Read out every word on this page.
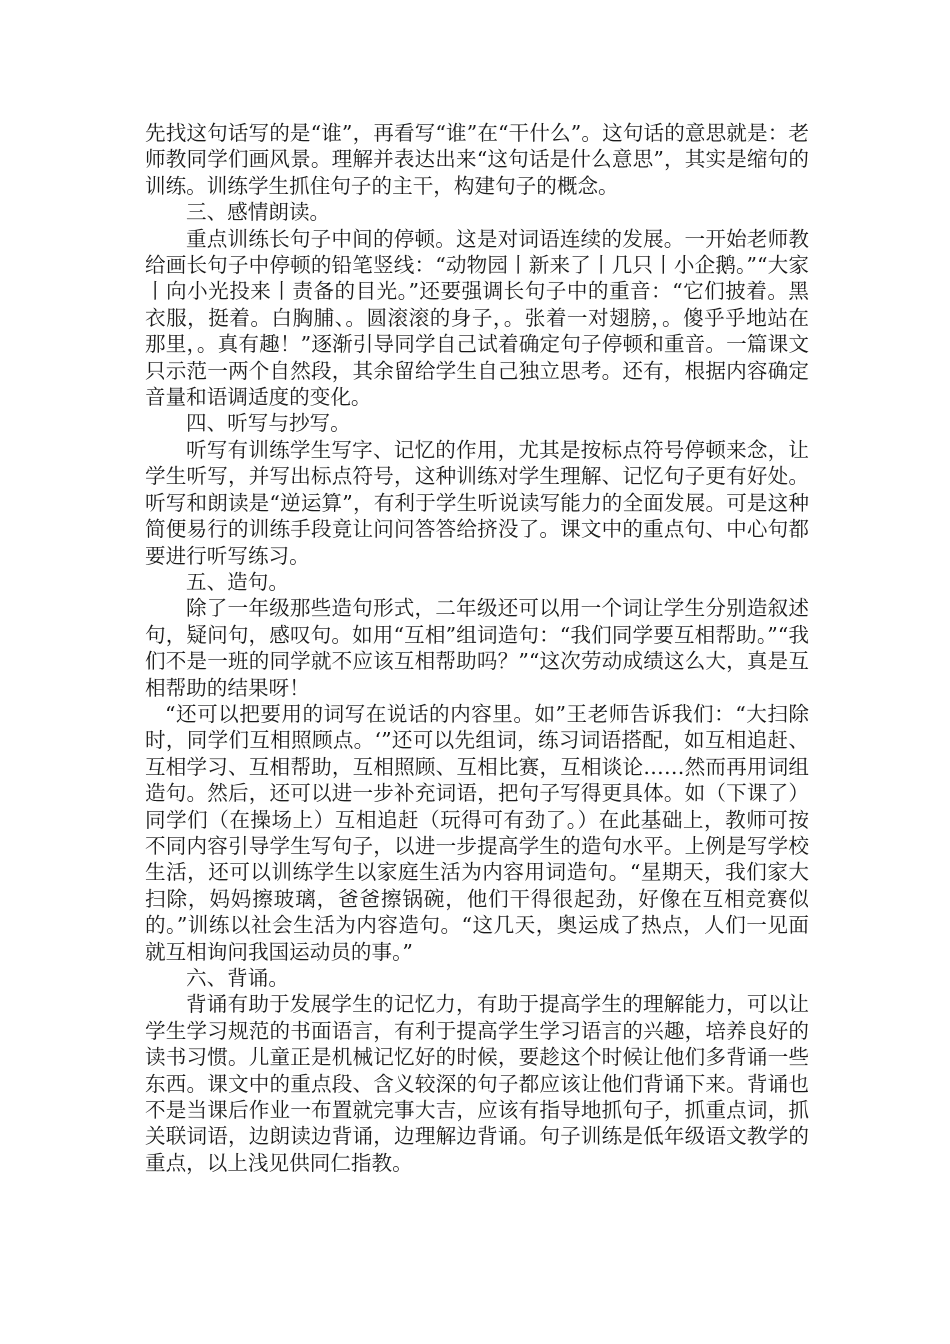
先找这句话写的是“谁”，再看写“谁”在“干什么”。这句话的意思就是：老师教同学们画风景。理解并表达出来“这句话是什么意思”，其实是缩句的训练。训练学生抓住句子的主干，构建句子的概念。

三、感情朗读。

重点训练长句子中间的停顿。这是对词语连续的发展。一开始老师教给画长句子中停顿的铅笔竖线：“动物园丨新来了丨几只丨小企鹅。”“大家丨向小光投来丨责备的目光。”还要强调长句子中的重音：“它们披着。黑衣服，挺着。白胸脯、。圆滚滚的身子，。张着一对翅膀，。傻乎乎地站在那里，。真有趣！”逐渐引导同学自己试着确定句子停顿和重音。一篇课文只示范一两个自然段，其余留给学生自己独立思考。还有，根据内容确定音量和语调适度的变化。

四、听写与抄写。

听写有训练学生写字、记忆的作用，尤其是按标点符号停顿来念，让学生听写，并写出标点符号，这种训练对学生理解、记忆句子更有好处。听写和朗读是“逆运算”，有利于学生听说读写能力的全面发展。可是这种简便易行的训练手段竟让问问答答给挤没了。课文中的重点句、中心句都要进行听写练习。

五、造句。

除了一年级那些造句形式，二年级还可以用一个词让学生分别造叙述句，疑问句，感叹句。如用“互相”组词造句：“我们同学要互相帮助。”“我们不是一班的同学就不应该互相帮助吗？”“这次劳动成绩这么大，真是互相帮助的结果呀！

“还可以把要用的词写在说话的内容里。如”王老师告诉我们：“大扫除时，同学们互相照顾点。‘”还可以先组词，练习词语搭配，如互相追赶、互相学习、互相帮助，互相照顾、互相比赛，互相谈论……然而再用词组造句。然后，还可以进一步补充词语，把句子写得更具体。如（下课了）同学们（在操场上）互相追赶（玩得可有劲了。）在此基础上，教师可按不同内容引导学生写句子，以进一步提高学生的造句水平。上例是写学校生活，还可以训练学生以家庭生活为内容用词造句。“星期天，我们家大扫除，妈妈擦玻璃，爸爸擦锅碗，他们干得很起劲，好像在互相竞赛似的。”训练以社会生活为内容造句。“这几天，奥运成了热点，人们一见面就互相询问我国运动员的事。”

六、背诵。

背诵有助于发展学生的记忆力，有助于提高学生的理解能力，可以让学生学习规范的书面语言，有利于提高学生学习语言的兴趣，培养良好的读书习惯。儿童正是机械记忆好的时候，要趁这个时候让他们多背诵一些东西。课文中的重点段、含义较深的句子都应该让他们背诵下来。背诵也不是当课后作业一布置就完事大吉，应该有指导地抓句子，抓重点词，抓关联词语，边朗读边背诵，边理解边背诵。句子训练是低年级语文教学的重点，以上浅见供同仁指教。
